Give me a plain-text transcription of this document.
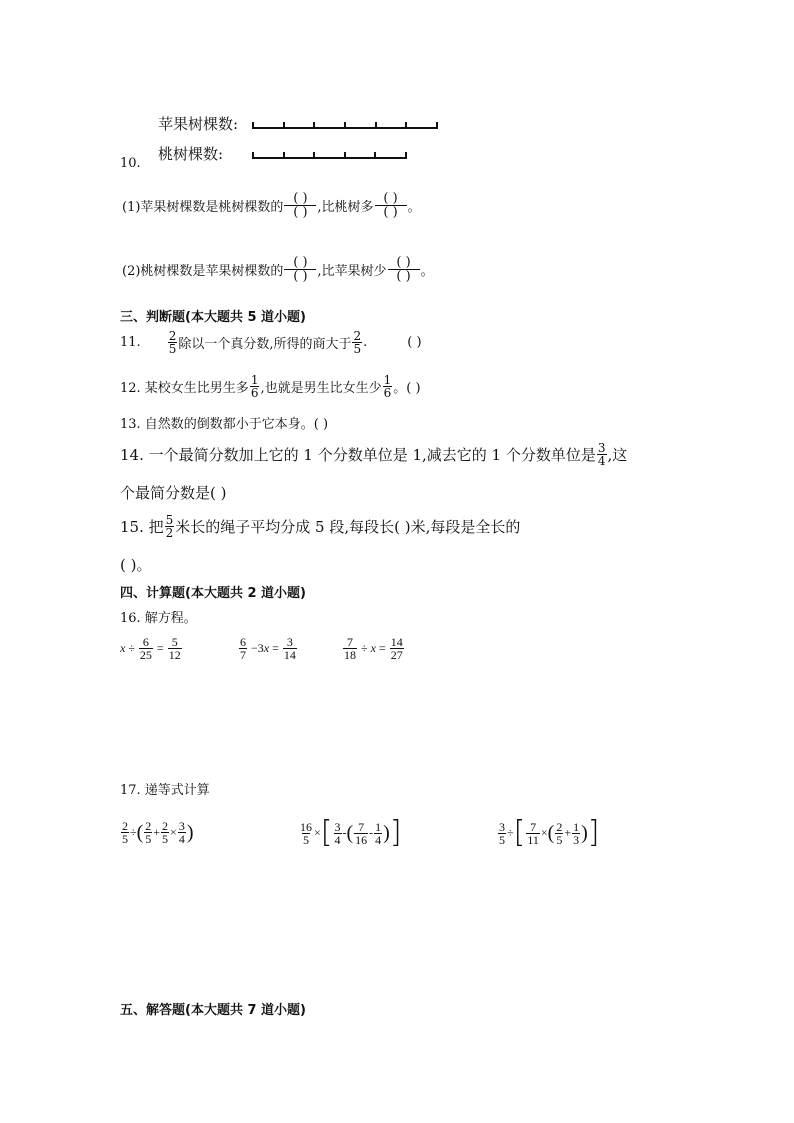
苹果树棵数:
10.
桃树棵数:
(1)苹果树棵数是桃树棵数的
( )
( ) ,比桃树多
( )
( ) 。
(2)桃树棵数是苹果树棵数的
( )
( ) ,比苹果树少
( )
( ) 。
三、判断题(本大题共 5 道小题)
11. $\frac{2}{5}$ 除以一个真分数,所得的商大于 $\frac{2}{5}$ .	( )
12. 某校女生比男生多 $\frac{1}{6}$ ,也就是男生比女生少 $\frac{1}{6}$ 。( )
13. 自然数的倒数都小于它本身。( )
14. 一个最简分数加上它的 1 个分数单位是 1,减去它的 1 个分数单位是 $\frac{3}{4}$ ,这
个最简分数是( )
15. 把 $\frac{5}{2}$ 米长的绳子平均分成 5 段,每段长( )米,每段是全长的
( )。
四、计算题(本大题共 2 道小题)
16. 解方程。
$x \div \frac{6}{25} = \frac{5}{12}$	$\frac{6}{7} -3x = \frac{3}{14}$	$\frac{7}{18} \div x = \frac{14}{27}$
17. 递等式计算
$\frac{2}{5}$ ÷( $\frac{2}{5} + \frac{2}{5} \times \frac{3}{4}$ )	$\frac{16}{5}$ ×[ $\frac{3}{4}$ -( $\frac{7}{16} - \frac{1}{4}$ )]	$\frac{3}{5}$ ÷[ $\frac{7}{11}$ ×( $\frac{2}{5} + \frac{1}{3}$ )]
五、解答题(本大题共 7 道小题)
